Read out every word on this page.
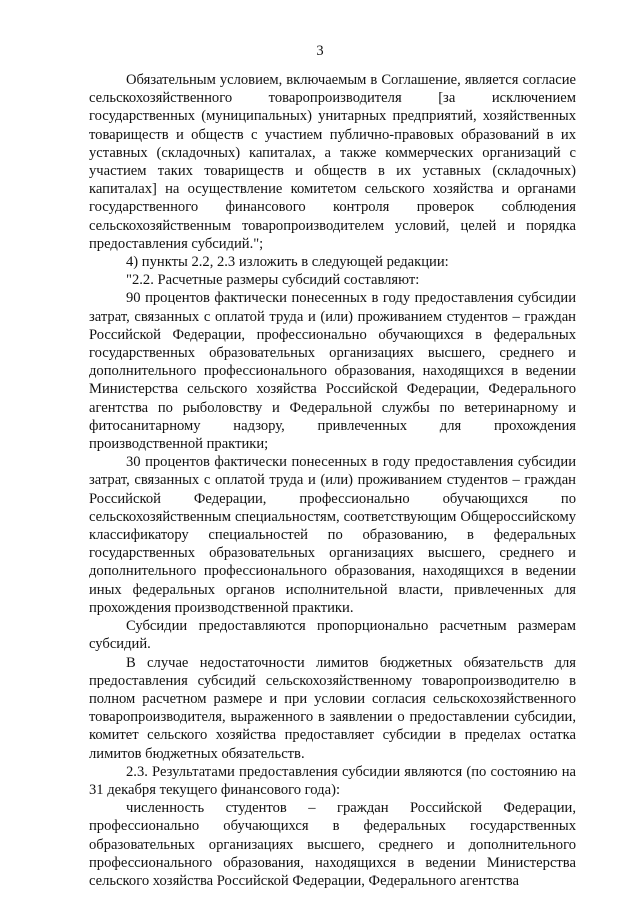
3

Обязательным условием, включаемым в Соглашение, является согласие сельскохозяйственного товаропроизводителя [за исключением государственных (муниципальных) унитарных предприятий, хозяйственных товариществ и обществ с участием публично-правовых образований в их уставных (складочных) капиталах, а также коммерческих организаций с участием таких товариществ и обществ в их уставных (складочных) капиталах] на осуществление комитетом сельского хозяйства и органами государственного финансового контроля проверок соблюдения сельскохозяйственным товаропроизводителем условий, целей и порядка предоставления субсидий.";

4) пункты 2.2, 2.3 изложить в следующей редакции:

"2.2. Расчетные размеры субсидий составляют:

90 процентов фактически понесенных в году предоставления субсидии затрат, связанных с оплатой труда и (или) проживанием студентов – граждан Российской Федерации, профессионально обучающихся в федеральных государственных образовательных организациях высшего, среднего и дополнительного профессионального образования, находящихся в ведении Министерства сельского хозяйства Российской Федерации, Федерального агентства по рыболовству и Федеральной службы по ветеринарному и фитосанитарному надзору, привлеченных для прохождения производственной практики;

30 процентов фактически понесенных в году предоставления субсидии затрат, связанных с оплатой труда и (или) проживанием студентов – граждан Российской Федерации, профессионально обучающихся по сельскохозяйственным специальностям, соответствующим Общероссийскому классификатору специальностей по образованию, в федеральных государственных образовательных организациях высшего, среднего и дополнительного профессионального образования, находящихся в ведении иных федеральных органов исполнительной власти, привлеченных для прохождения производственной практики.

Субсидии предоставляются пропорционально расчетным размерам субсидий.

В случае недостаточности лимитов бюджетных обязательств для предоставления субсидий сельскохозяйственному товаропроизводителю в полном расчетном размере и при условии согласия сельскохозяйственного товаропроизводителя, выраженного в заявлении о предоставлении субсидии, комитет сельского хозяйства предоставляет субсидии в пределах остатка лимитов бюджетных обязательств.

2.3. Результатами предоставления субсидии являются (по состоянию на 31 декабря текущего финансового года):

численность студентов – граждан Российской Федерации, профессионально обучающихся в федеральных государственных образовательных организациях высшего, среднего и дополнительного профессионального образования, находящихся в ведении Министерства сельского хозяйства Российской Федерации, Федерального агентства
